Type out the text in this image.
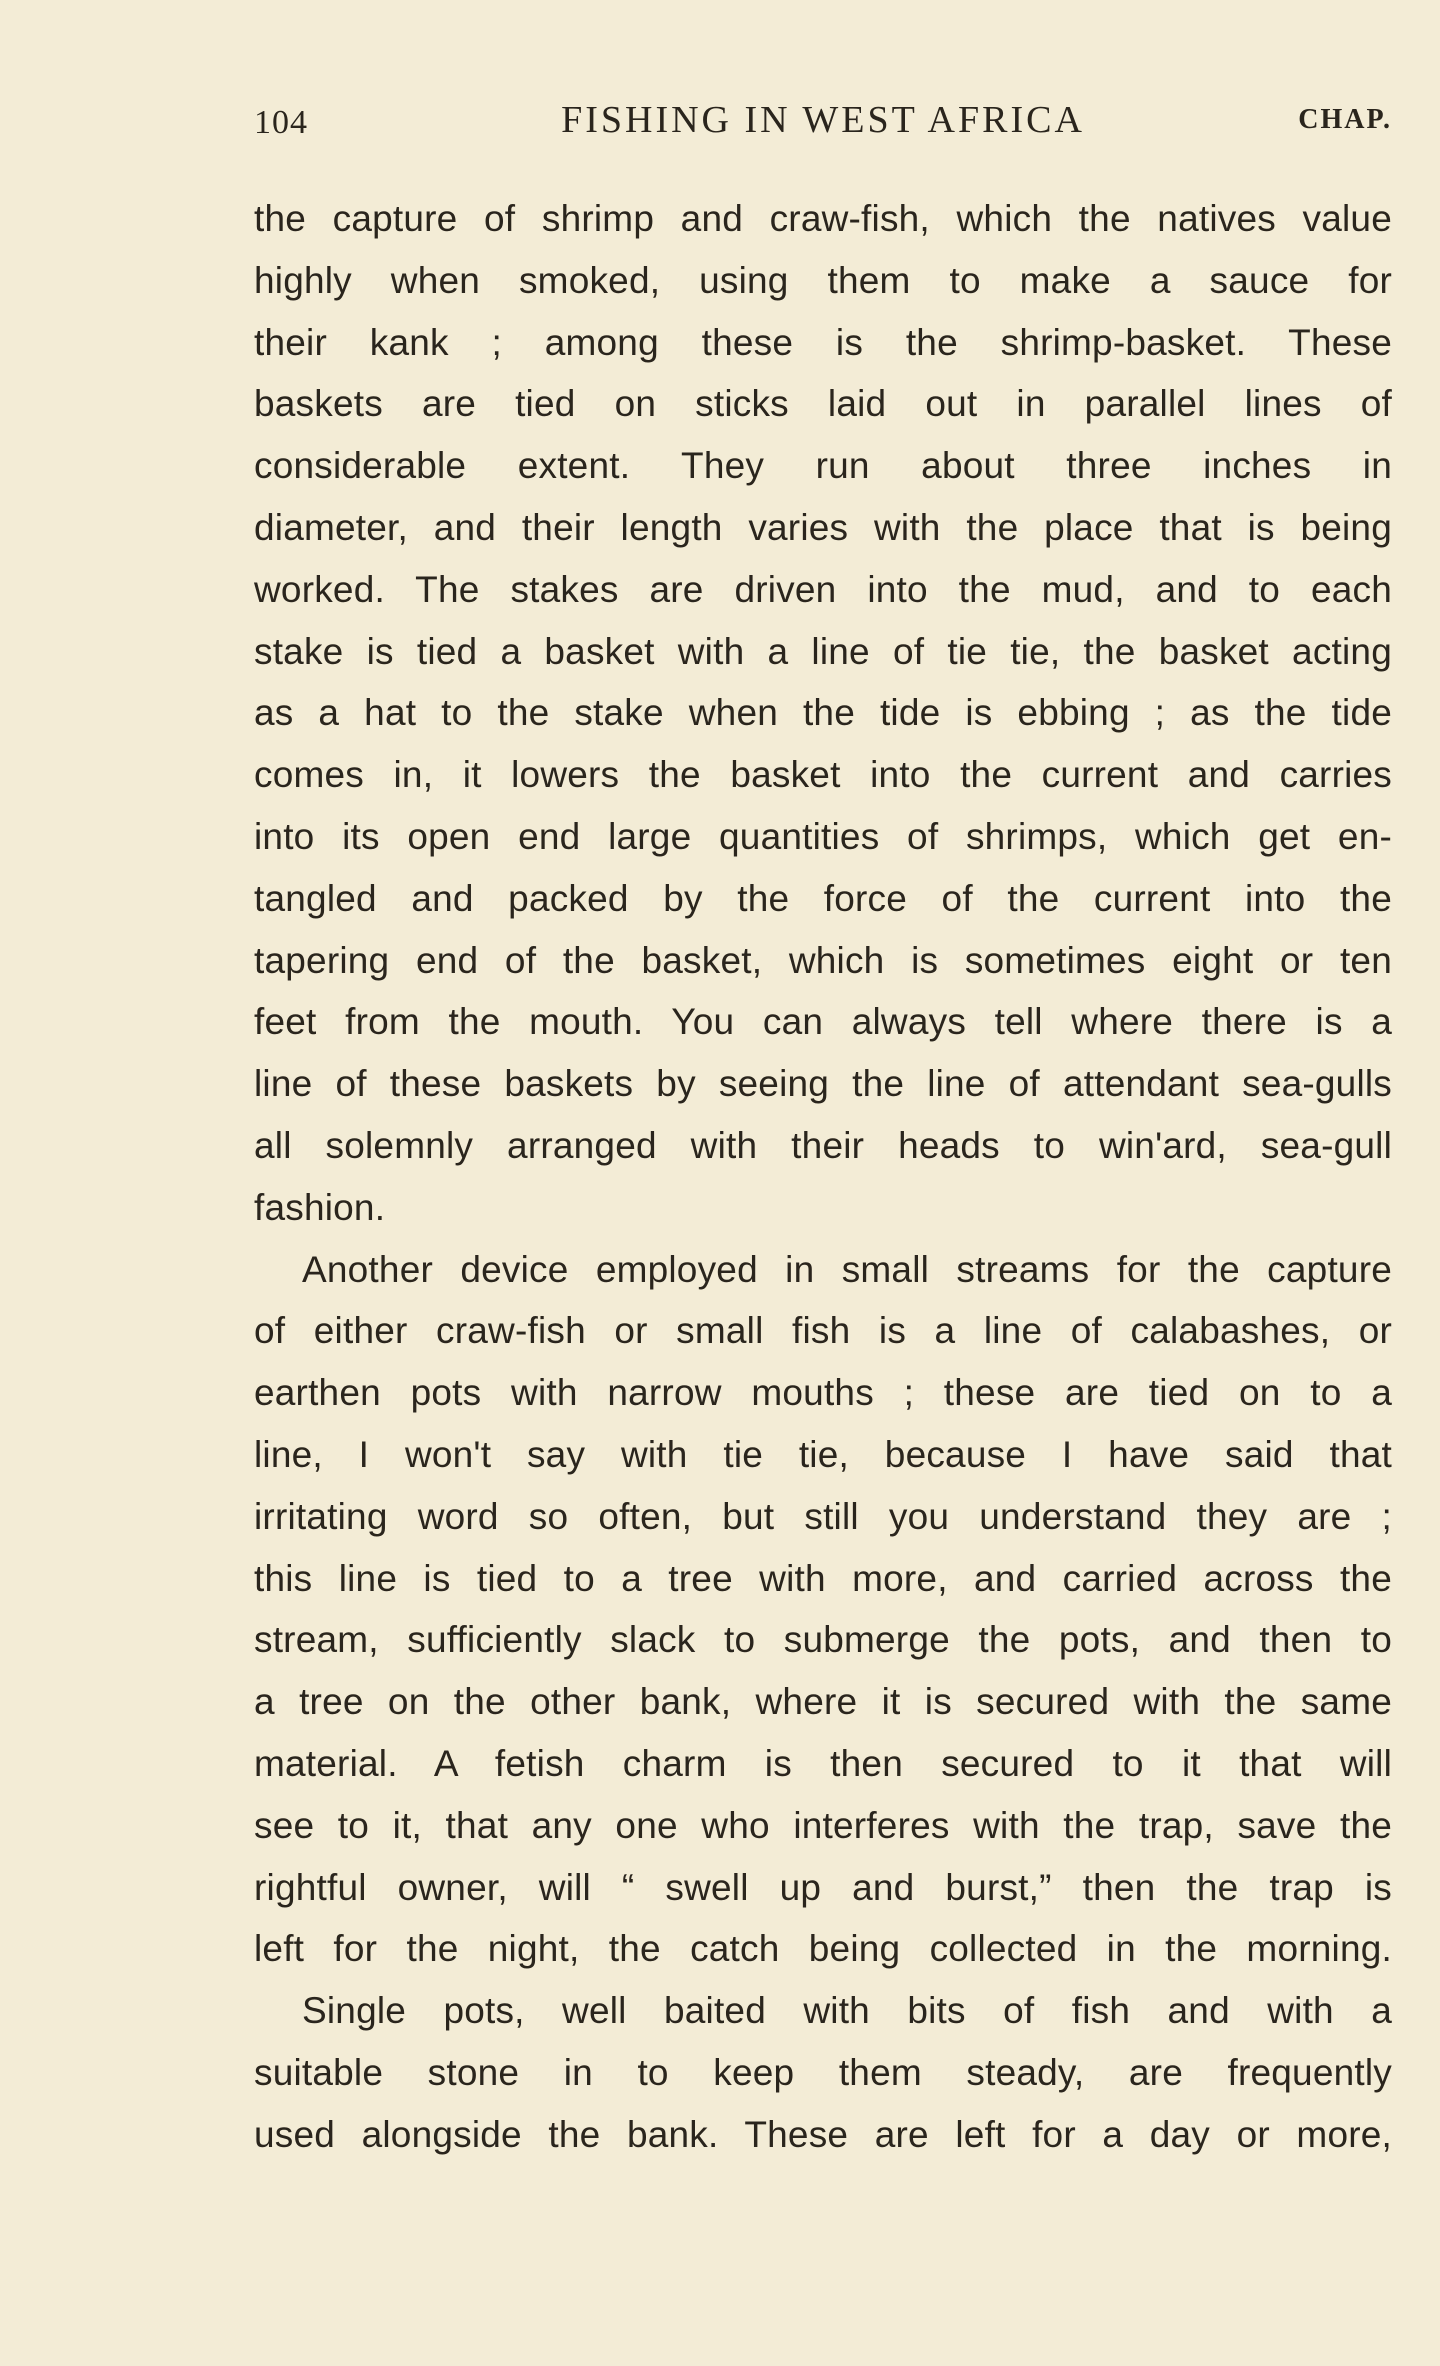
104	FISHING IN WEST AFRICA	CHAP.
the capture of shrimp and craw-fish, which the natives value
highly when smoked, using them to make a sauce for
their kank ; among these is the shrimp-basket. These
baskets are tied on sticks laid out in parallel lines of
considerable extent. They run about three inches in
diameter, and their length varies with the place that is being
worked. The stakes are driven into the mud, and to each
stake is tied a basket with a line of tie tie, the basket acting
as a hat to the stake when the tide is ebbing ; as the tide
comes in, it lowers the basket into the current and carries
into its open end large quantities of shrimps, which get en-
tangled and packed by the force of the current into the
tapering end of the basket, which is sometimes eight or ten
feet from the mouth. You can always tell where there is a
line of these baskets by seeing the line of attendant sea-gulls
all solemnly arranged with their heads to win'ard, sea-gull
fashion.
Another device employed in small streams for the capture
of either craw-fish or small fish is a line of calabashes, or
earthen pots with narrow mouths ; these are tied on to a
line, I won't say with tie tie, because I have said that
irritating word so often, but still you understand they are ;
this line is tied to a tree with more, and carried across the
stream, sufficiently slack to submerge the pots, and then to
a tree on the other bank, where it is secured with the same
material. A fetish charm is then secured to it that will
see to it, that any one who interferes with the trap, save the
rightful owner, will “ swell up and burst,” then the trap is
left for the night, the catch being collected in the morning.
Single pots, well baited with bits of fish and with a
suitable stone in to keep them steady, are frequently
used alongside the bank. These are left for a day or more,
